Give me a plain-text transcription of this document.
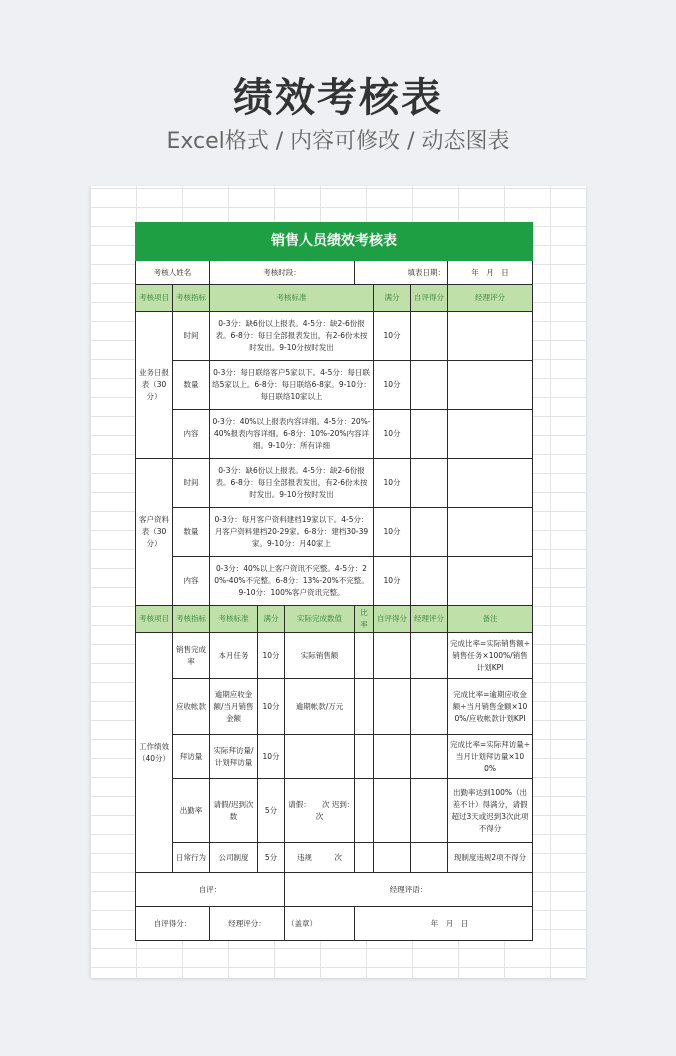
绩效考核表
Excel格式 / 内容可修改 / 动态图表
销售人员绩效考核表									
考核人姓名		考核时段：			填表日期：			年　月　日	
考核项目	考核指标	考核标准				满分	自评得分	经理评分	
业务日报表（30分）	时间	0-3分：缺6份以上报表。4-5分：缺2-6份报表。6-8分：每日全部报表发出，有2-6份未按时发出。9-10分按时发出				10分			
	数量	0-3分：每日联络客户5家以下。4-5分：每日联络5家以上。6-8分：每日联络6-8家。9-10分：每日联络10家以上				10分			
	内容	0-3分：40%以上报表内容详细。4-5分：20%-40%报表内容详细。6-8分：10%-20%内容详细。9-10分：所有详细				10分			
客户资料表（30分）	时间	0-3分：缺6份以上报表。4-5分：缺2-6份报表。6-8分：每日全部报表发出，有2-6份未按时发出。9-10分按时发出				10分			
	数量	0-3分：每月客户资料建档19家以下。4-5分：月客户资料建档20-29家。6-8分：建档30-39家。9-10分：月40家上				10分			
	内容	0-3分：40%以上客户资讯不完整。4-5分：20%-40%不完整。6-8分：13%-20%不完整。9-10分：100%客户资讯完整。				10分			
考核项目	考核指标	考核标准	满分	实际完成数值	比率	自评得分	经理评分	备注	
工作绩效（40分）	销售完成率	本月任务	10分	实际销售额				完成比率=实际销售额÷销售任务×100%/销售计划KPI	
	应收帐款	逾期应收金额/当月销售金额	10分	逾期帐款/万元				完成比率=逾期应收金额÷当月销售金额×100%/应收帐款计划KPI	
	拜访量	实际拜访量/计划拜访量	10分					完成比率=实际拜访量÷当月计划拜访量×100%	
	出勤率	请假/迟到次数	5分	请假：　　次 迟到：　　次				出勤率达到100%（出差不计）得满分，请假超过3天或迟到3次此项不得分	
	日常行为	公司制度	5分	违规　　　次				现制度违规2项不得分	
自评：				经理评语：					
自评得分：		经理评分：		（盖章）	年　月　日				
